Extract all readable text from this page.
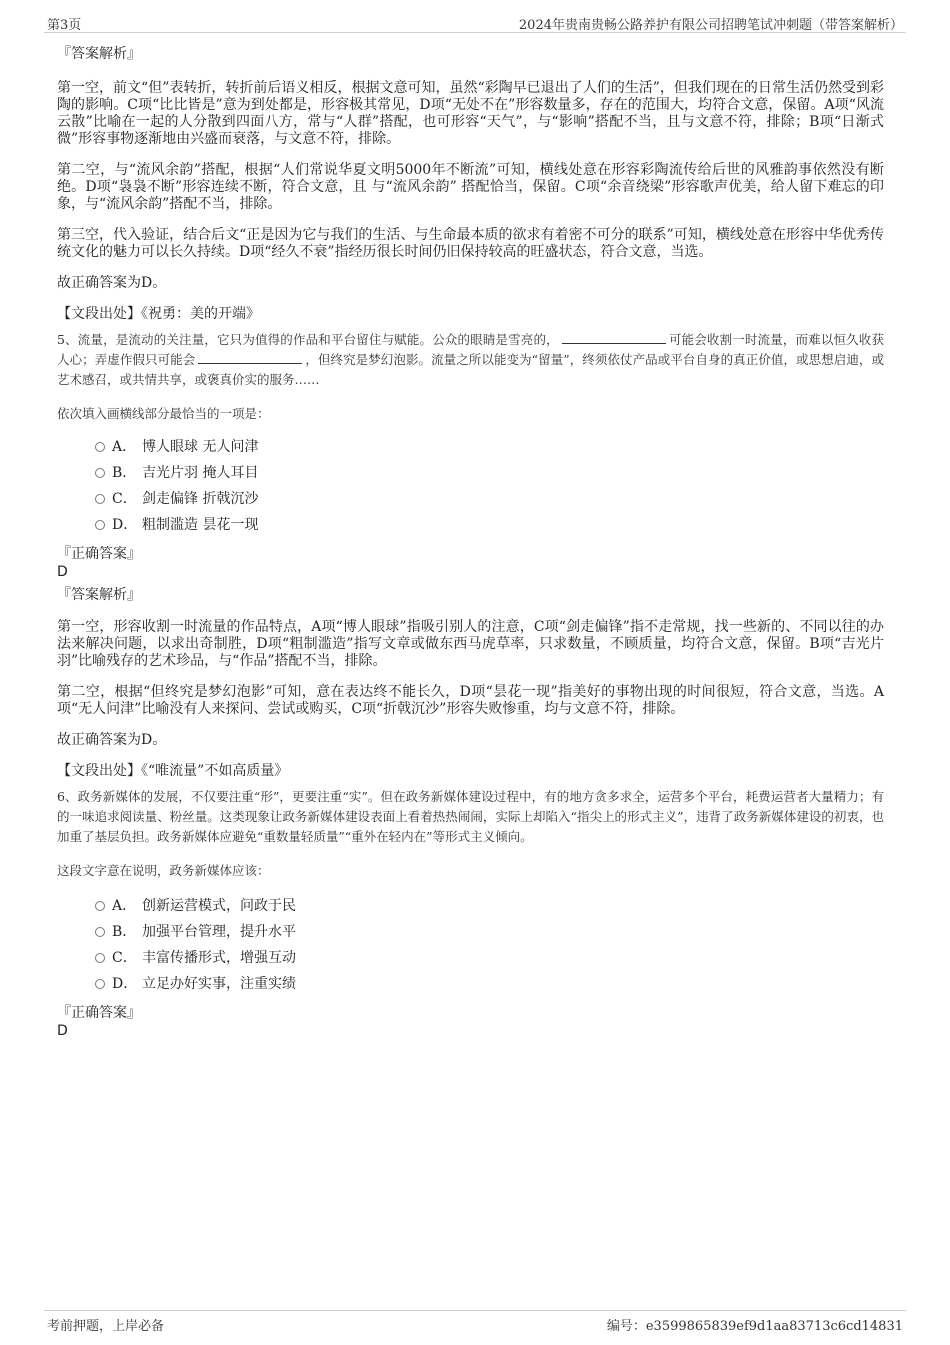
第3页	2024年贵南贵畅公路养护有限公司招聘笔试冲刺题（带答案解析）

『答案解析』

第一空，前文“但”表转折，转折前后语义相反，根据文意可知，虽然“彩陶早已退出了人们的生活”，但我们现在的日常生活仍然受到彩陶的影响。C项“比比皆是”意为到处都是，形容极其常见，D项“无处不在”形容数量多，存在的范围大，均符合文意，保留。A项“风流云散”比喻在一起的人分散到四面八方，常与“人群”搭配，也可形容“天气”，与“影响”搭配不当，且与文意不符，排除；B项“日渐式微”形容事物逐渐地由兴盛而衰落，与文意不符，排除。

第二空，与“流风余韵”搭配，根据“人们常说华夏文明5000年不断流”可知，横线处意在形容彩陶流传给后世的风雅韵事依然没有断绝。D项“袅袅不断”形容连续不断，符合文意，且 与“流风余韵” 搭配恰当，保留。C项“余音绕梁”形容歌声优美，给人留下难忘的印象，与“流风余韵”搭配不当，排除。

第三空，代入验证，结合后文“正是因为它与我们的生活、与生命最本质的欲求有着密不可分的联系”可知，横线处意在形容中华优秀传统文化的魅力可以长久持续。D项“经久不衰”指经历很长时间仍旧保持较高的旺盛状态，符合文意，当选。

故正确答案为D。

【文段出处】《祝勇：美的开端》

5、流量，是流动的关注量，它只为值得的作品和平台留住与赋能。公众的眼睛是雪亮的，	可能会收割一时流量，而难以恒久收获人心；弄虚作假只可能会	，但终究是梦幻泡影。流量之所以能变为“留量”，终须依仗产品或平台自身的真正价值，或思想启迪，或艺术感召，或共情共享，或褒真价实的服务……

依次填入画横线部分最恰当的一项是：

A． 博人眼球 无人问津
B． 吉光片羽 掩人耳目
C． 剑走偏锋 折戟沉沙
D． 粗制滥造 昙花一现

『正确答案』

D

『答案解析』

第一空，形容收割一时流量的作品特点，A项“博人眼球”指吸引别人的注意，C项“剑走偏锋”指不走常规，找一些新的、不同以往的办法来解决问题，以求出奇制胜，D项“粗制滥造”指写文章或做东西马虎草率，只求数量，不顾质量，均符合文意，保留。B项“吉光片羽”比喻残存的艺术珍品，与“作品”搭配不当，排除。

第二空，根据“但终究是梦幻泡影”可知，意在表达终不能长久，D项“昙花一现”指美好的事物出现的时间很短，符合文意，当选。A项“无人问津”比喻没有人来探问、尝试或购买，C项“折戟沉沙”形容失败惨重，均与文意不符，排除。

故正确答案为D。

【文段出处】《“唯流量”不如高质量》

6、政务新媒体的发展，不仅要注重“形”，更要注重“实”。但在政务新媒体建设过程中，有的地方贪多求全，运营多个平台，耗费运营者大量精力；有的一味追求阅读量、粉丝量。这类现象让政务新媒体建设表面上看着热热闹闹，实际上却陷入“指尖上的形式主义”，违背了政务新媒体建设的初衷，也加重了基层负担。政务新媒体应避免“重数量轻质量”“重外在轻内在”等形式主义倾向。

这段文字意在说明，政务新媒体应该：

A． 创新运营模式，问政于民
B． 加强平台管理，提升水平
C． 丰富传播形式，增强互动
D． 立足办好实事，注重实绩

『正确答案』

D

考前押题，上岸必备	编号：e3599865839ef9d1aa83713c6cd14831
